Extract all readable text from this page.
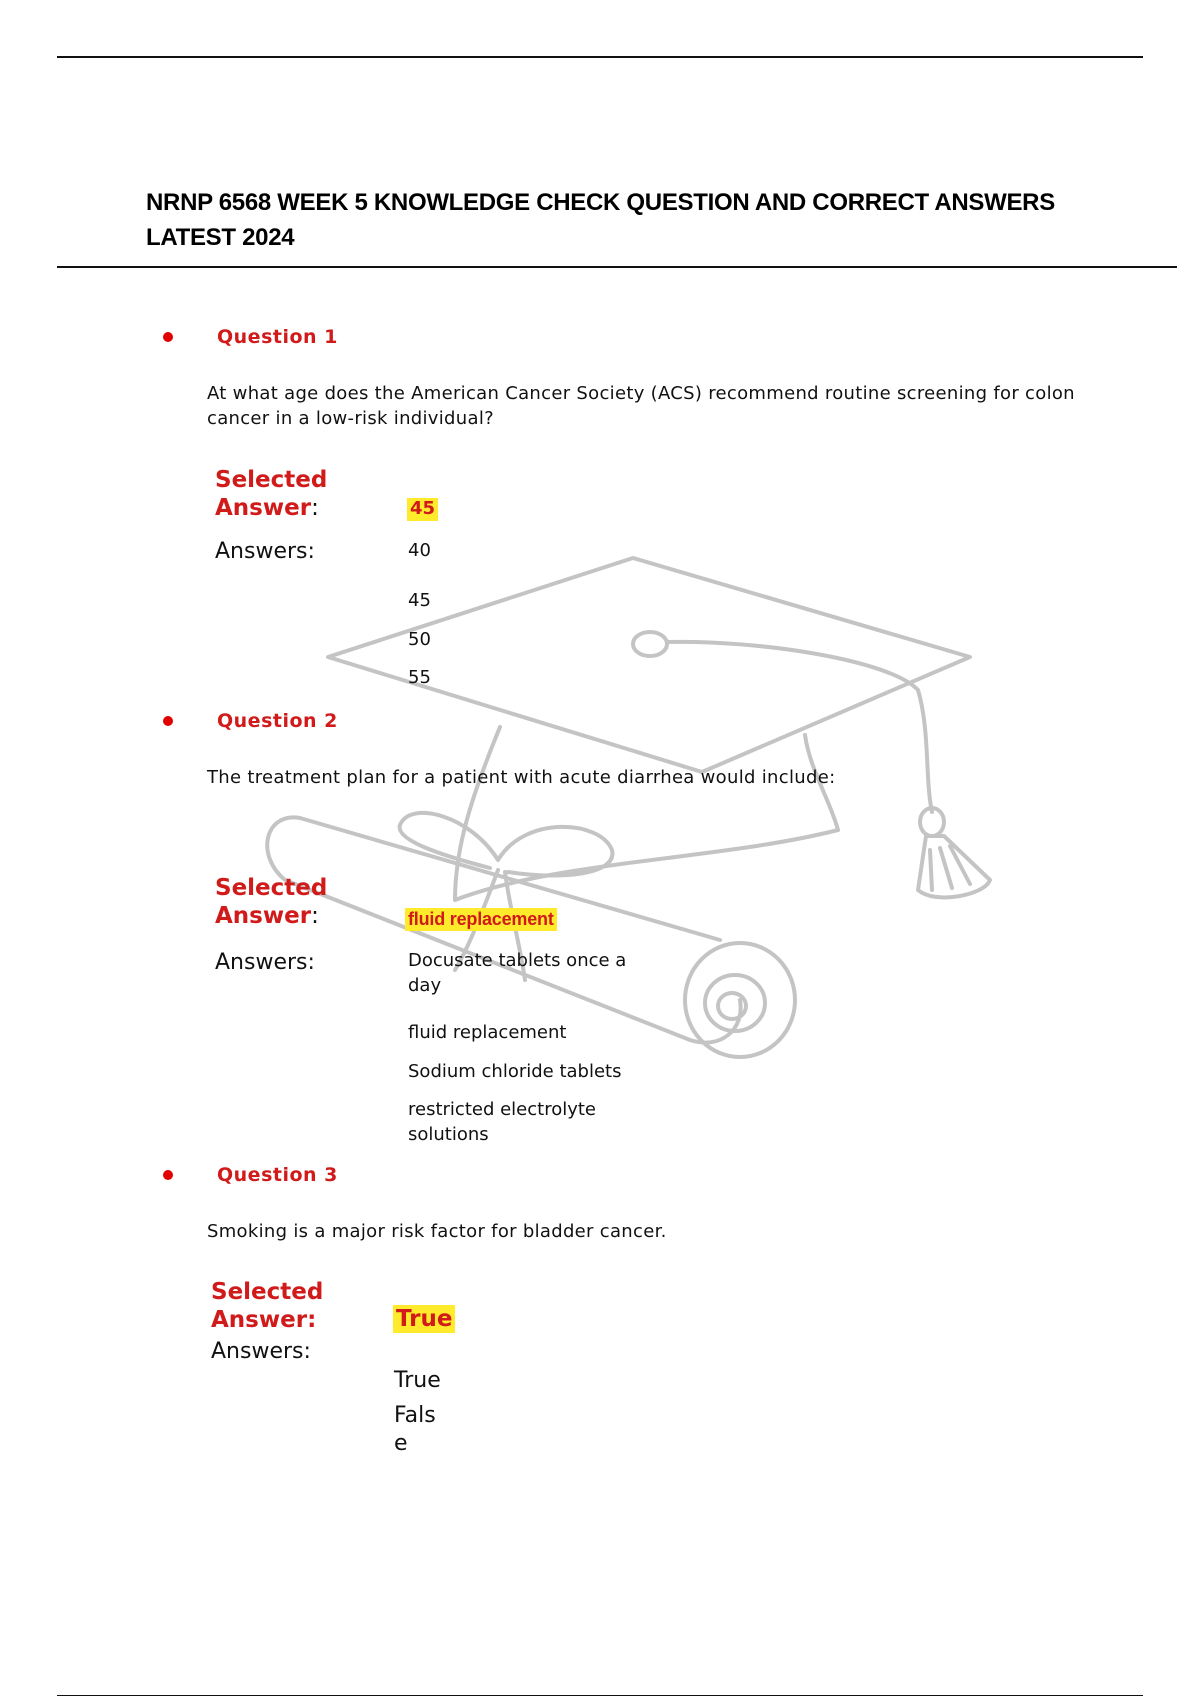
NRNP 6568 WEEK 5 KNOWLEDGE CHECK QUESTION AND CORRECT ANSWERS
LATEST 2024
Question 1
At what age does the American Cancer Society (ACS) recommend routine screening for colon cancer in a low-risk individual?
Selected
Answer:	45
Answers:	40
45
50
55
Question 2
The treatment plan for a patient with acute diarrhea would include:
Selected
Answer:	fluid replacement
Answers:	Docusate tablets once a day
fluid replacement
Sodium chloride tablets
restricted electrolyte solutions
Question 3
Smoking is a major risk factor for bladder cancer.
Selected
Answer:	True
Answers:
True
False
